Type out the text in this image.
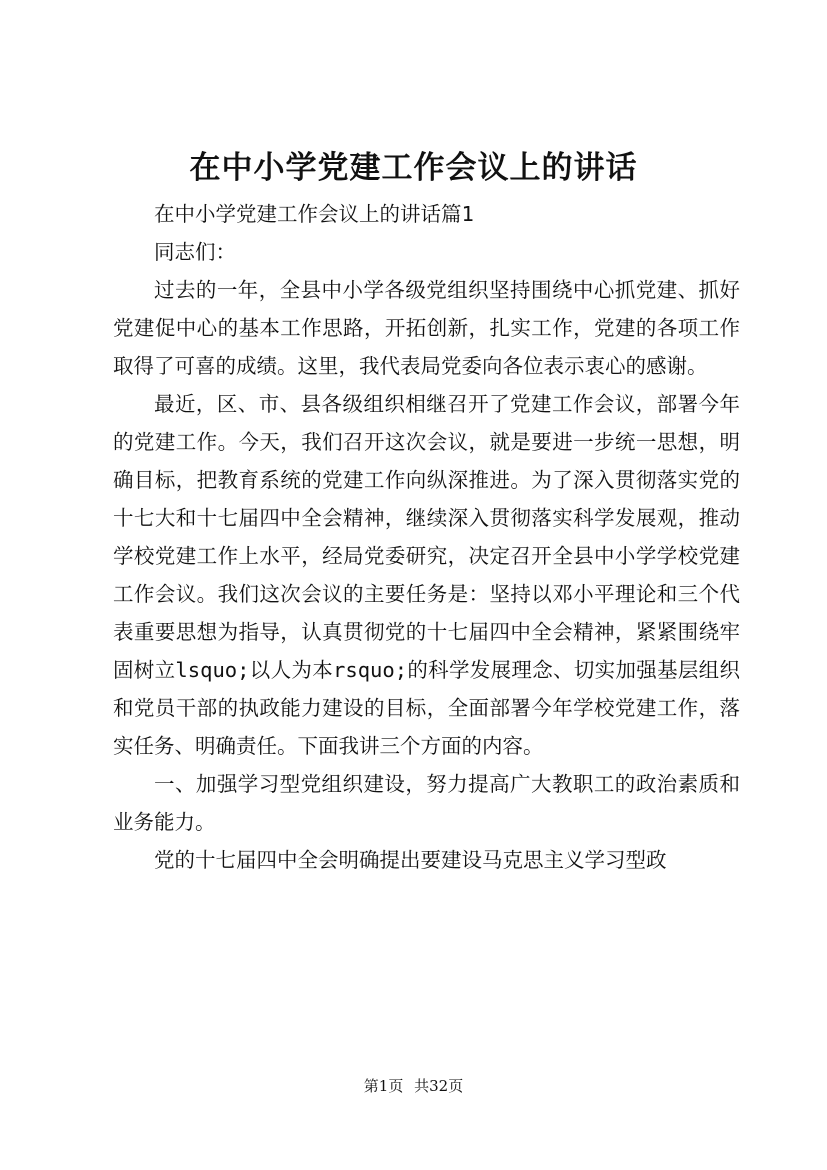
在中小学党建工作会议上的讲话

在中小学党建工作会议上的讲话篇1

同志们：

过去的一年，全县中小学各级党组织坚持围绕中心抓党建、抓好党建促中心的基本工作思路，开拓创新，扎实工作，党建的各项工作取得了可喜的成绩。这里，我代表局党委向各位表示衷心的感谢。

最近，区、市、县各级组织相继召开了党建工作会议，部署今年的党建工作。今天，我们召开这次会议，就是要进一步统一思想，明确目标，把教育系统的党建工作向纵深推进。为了深入贯彻落实党的十七大和十七届四中全会精神，继续深入贯彻落实科学发展观，推动学校党建工作上水平，经局党委研究，决定召开全县中小学学校党建工作会议。我们这次会议的主要任务是：坚持以邓小平理论和三个代表重要思想为指导，认真贯彻党的十七届四中全会精神，紧紧围绕牢固树立lsquo;以人为本rsquo;的科学发展理念、切实加强基层组织和党员干部的执政能力建设的目标，全面部署今年学校党建工作，落实任务、明确责任。下面我讲三个方面的内容。

一、加强学习型党组织建设，努力提高广大教职工的政治素质和业务能力。

党的十七届四中全会明确提出要建设马克思主义学习型政

第1页 共32页
